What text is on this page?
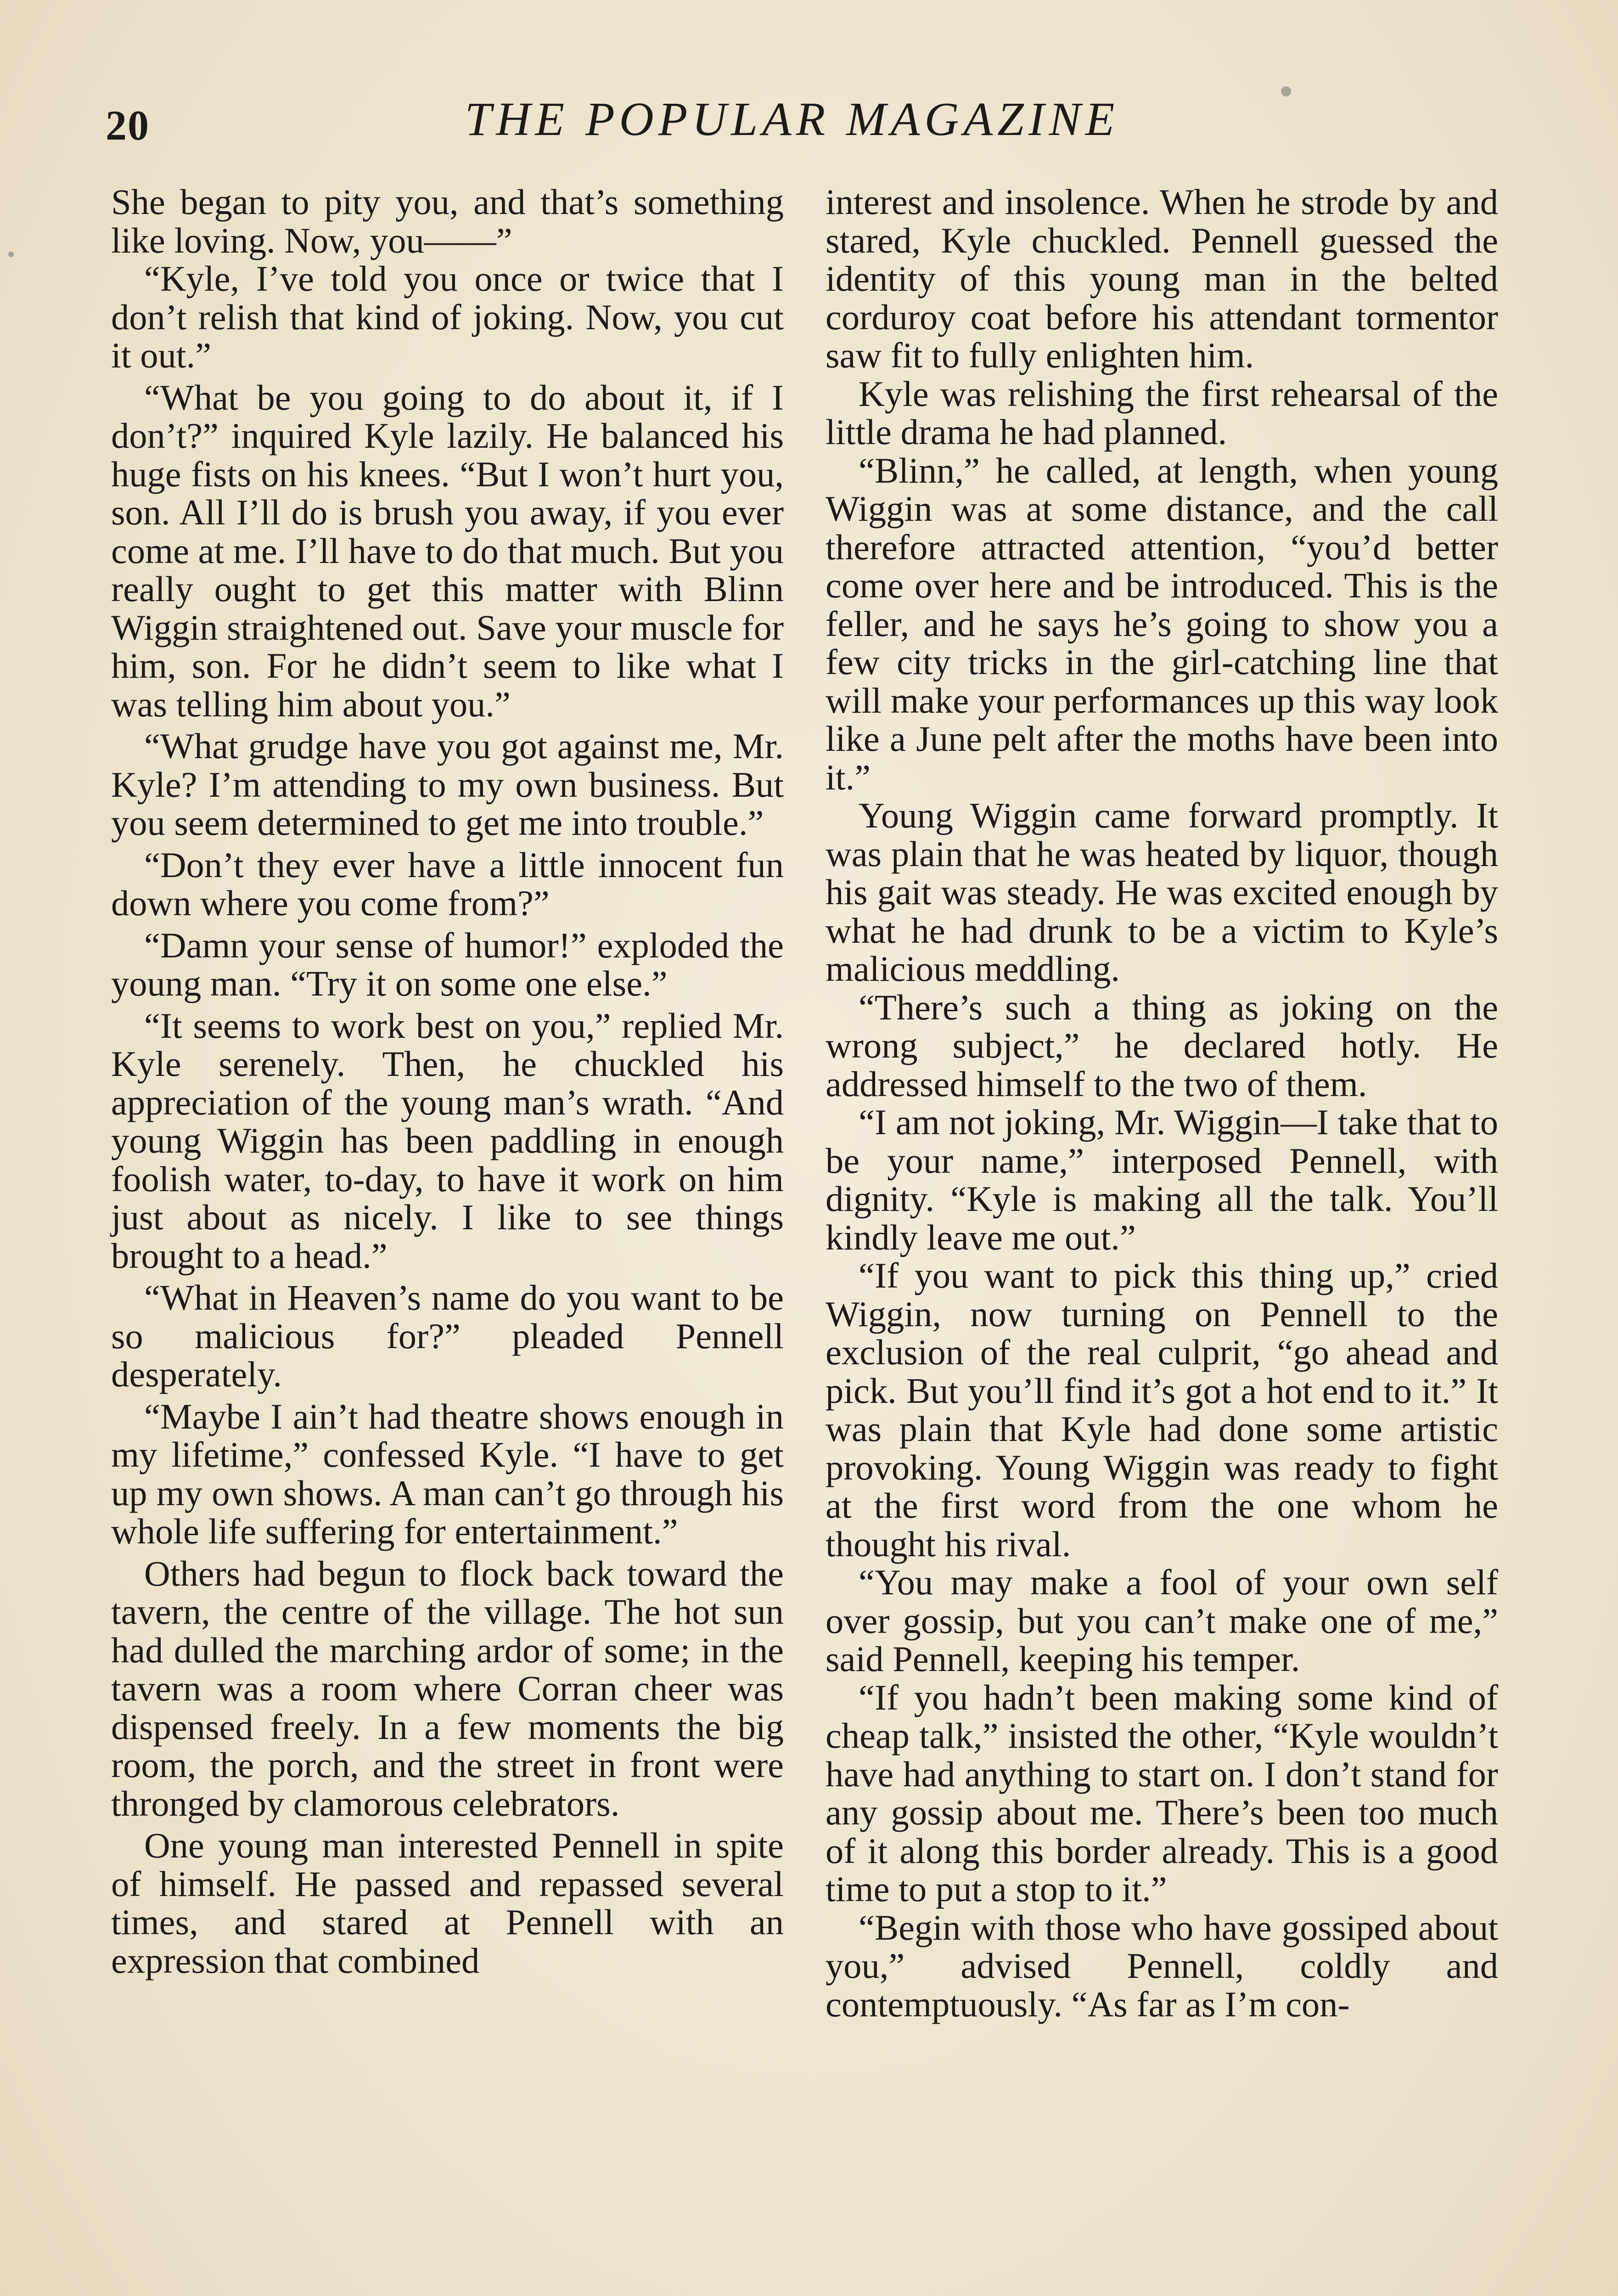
20	THE POPULAR MAGAZINE

She began to pity you, and that’s something like loving. Now, you——”

“Kyle, I’ve told you once or twice that I don’t relish that kind of joking. Now, you cut it out.”

“What be you going to do about it, if I don’t?” inquired Kyle lazily. He balanced his huge fists on his knees. “But I won’t hurt you, son. All I’ll do is brush you away, if you ever come at me. I’ll have to do that much. But you really ought to get this matter with Blinn Wiggin straightened out. Save your muscle for him, son. For he didn’t seem to like what I was telling him about you.”

“What grudge have you got against me, Mr. Kyle? I’m attending to my own business. But you seem determined to get me into trouble.”

“Don’t they ever have a little innocent fun down where you come from?”

“Damn your sense of humor!” exploded the young man. “Try it on some one else.”

“It seems to work best on you,” replied Mr. Kyle serenely. Then, he chuckled his appreciation of the young man’s wrath. “And young Wiggin has been paddling in enough foolish water, to-day, to have it work on him just about as nicely. I like to see things brought to a head.”

“What in Heaven’s name do you want to be so malicious for?” pleaded Pennell desperately.

“Maybe I ain’t had theatre shows enough in my lifetime,” confessed Kyle. “I have to get up my own shows. A man can’t go through his whole life suffering for entertainment.”

Others had begun to flock back toward the tavern, the centre of the village. The hot sun had dulled the marching ardor of some; in the tavern was a room where Corran cheer was dispensed freely. In a few moments the big room, the porch, and the street in front were thronged by clamorous celebrators.

One young man interested Pennell in spite of himself. He passed and repassed several times, and stared at Pennell with an expression that combined

interest and insolence. When he strode by and stared, Kyle chuckled. Pennell guessed the identity of this young man in the belted corduroy coat before his attendant tormentor saw fit to fully enlighten him.

Kyle was relishing the first rehearsal of the little drama he had planned.

“Blinn,” he called, at length, when young Wiggin was at some distance, and the call therefore attracted attention, “you’d better come over here and be introduced. This is the feller, and he says he’s going to show you a few city tricks in the girl-catching line that will make your performances up this way look like a June pelt after the moths have been into it.”

Young Wiggin came forward promptly. It was plain that he was heated by liquor, though his gait was steady. He was excited enough by what he had drunk to be a victim to Kyle’s malicious meddling.

“There’s such a thing as joking on the wrong subject,” he declared hotly. He addressed himself to the two of them.

“I am not joking, Mr. Wiggin—I take that to be your name,” interposed Pennell, with dignity. “Kyle is making all the talk. You’ll kindly leave me out.”

“If you want to pick this thing up,” cried Wiggin, now turning on Pennell to the exclusion of the real culprit, “go ahead and pick. But you’ll find it’s got a hot end to it.” It was plain that Kyle had done some artistic provoking. Young Wiggin was ready to fight at the first word from the one whom he thought his rival.

“You may make a fool of your own self over gossip, but you can’t make one of me,” said Pennell, keeping his temper.

“If you hadn’t been making some kind of cheap talk,” insisted the other, “Kyle wouldn’t have had anything to start on. I don’t stand for any gossip about me. There’s been too much of it along this border already. This is a good time to put a stop to it.”

“Begin with those who have gossiped about you,” advised Pennell, coldly and contemptuously. “As far as I’m con-
